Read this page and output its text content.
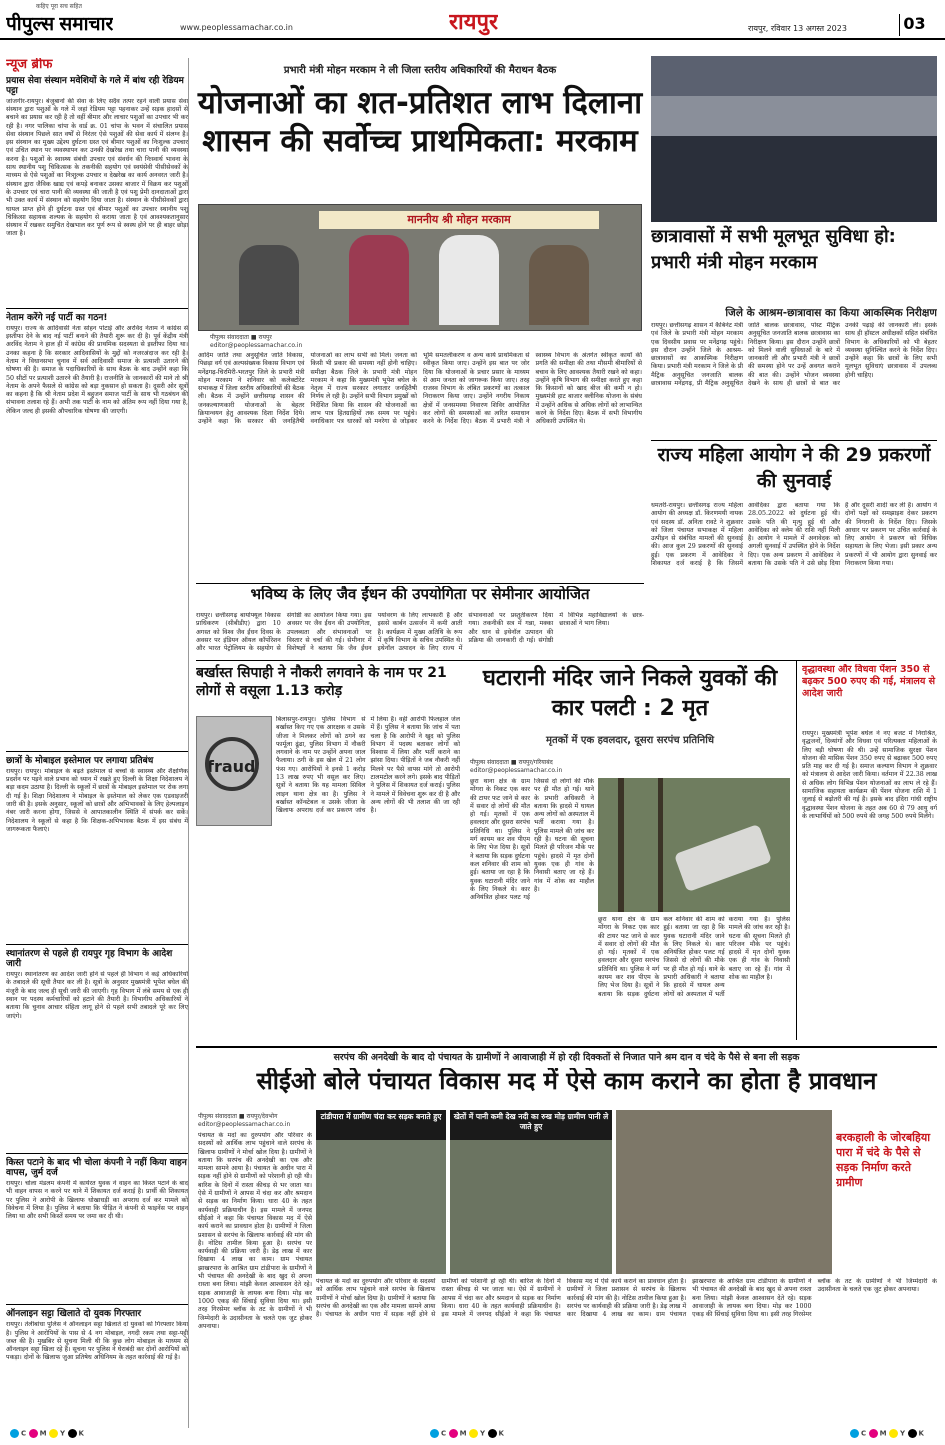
कहिए पूरा सच सहित
पीपुल्स समाचार	www.peoplessamachar.co.in	रायपुर	रायपुर, रविवार 13 अगस्त 2023	03
न्यूज ब्रीफ
प्रयास सेवा संस्थान मवेशियों के गले में बांध रही रेडियम पट्टा
जांजगीर-रायपुर। बेजुबानों की सेवा के लिए सदैव तत्पर रहने वाली प्रयास सेवा संस्थान द्वारा पशुओं के गले में जहां रेडियम पट्टा पहनाकर उन्हें सड़क हादसों से बचाने का प्रयास कर रही है तो वहीं बीमार और लाचार पशुओं का उपचार भी कर रही है। नगर पालिका चांपा के वार्ड क्र. 01 चांपा के भवन में संचालित प्रयास सेवा संस्थान पिछले सात वर्षों से निरंतर ऐसे पशुओं की सेवा कार्य में संलग्न है। इस संस्थान का मुख्य उद्देश्य दुर्घटना ग्रस्त एवं बीमार पशुओं का निःशुल्क उपचार एवं उचित स्थान पर व्यवस्थापन कर उनकी देखरेख तथा चारा पानी की व्यवस्था करना है। पशुओं के स्वास्थ्य संबंधी उपचार एवं संवर्धन की निःस्वार्थ भावना के साथ स्थानीय पशु चिकित्सक के तकनीकी सहयोग एवं स्वयंसेवी पीसीसेवकों के माध्यम से ऐसे पशुओं का निःशुल्क उपचार व देखरेख का कार्य अनवरत जारी है। संस्थान द्वारा जैविक खाद्य एवं कपड़े बनाकर उसका बाजार में विक्रय कर पशुओं के उपचार एवं चारा पानी की व्यवस्था की जाती है एवं पशु प्रेमी दानदाताओं द्वारा भी उक्त कार्य में संस्थान को सहयोग दिया जाता है। संस्थान के पीसीसेवकों द्वारा घायल प्राप्त होने ही दुर्घटना ग्रस्त एवं बीमार पशुओं का उपचार स्थानीय पशु चिकित्सा सहायक शल्यक के सहयोग से कराया जाता है एवं आवश्यकतानुसार संस्थान में रखकर समुचित देखभाल कर पूर्ण रूप से स्वस्थ होने पर ही बाहर छोड़ा जाता है।
नेताम करेंगे नई पार्टी का गठन!
रायपुर। राज्य के आदिवासी नेता सोहन पोटाई और अरविंद नेताम ने कांग्रेस से इस्तीफा देने के बाद नई पार्टी बनाने की तैयारी शुरू कर दी है। पूर्व केंद्रीय मंत्री अरविंद नेताम ने हाल ही में कांग्रेस की प्राथमिक सदस्यता से इस्तीफा दिया था। उनका कहना है कि सरकार आदिवासियों के मुद्दों को नजरअंदाज कर रही है। नेताम ने विधानसभा चुनाव में सर्व आदिवासी समाज के प्रत्याशी उतारने की घोषणा की है। समाज के पदाधिकारियों के साथ बैठक के बाद उन्होंने कहा कि 50 सीटों पर प्रत्याशी उतारने की तैयारी है। राजनीति के जानकारों की माने तो श्री नेताम के अपने फैसले से कांग्रेस को बड़ा नुकसान हो सकता है। दूसरी ओर सूत्रों का कहना है कि श्री नेताम प्रदेश में बहुजन समाज पार्टी के साथ भी गठबंधन की संभावना तलाश रहे हैं। अभी तक पार्टी के नाम को अंतिम रूप नहीं दिया गया है, लेकिन जल्द ही इसकी औपचारिक घोषणा की जाएगी।
छात्रों के मोबाइल इस्तेमाल पर लगाया प्रतिबंध
रायपुर। रायपुर। मोबाइल के बढ़ते इस्तेमाल से बच्चों के स्वास्थ्य और शैक्षणिक प्रदर्शन पर पड़ने वाले प्रभाव को ध्यान में रखते हुए दिल्ली के शिक्षा निदेशालय ने बड़ा कदम उठाया है। दिल्ली के स्कूलों में छात्रों के मोबाइल इस्तेमाल पर रोक लगा दी गई है। शिक्षा निदेशालय ने मोबाइल के इस्तेमाल को लेकर एक एडवाइजरी जारी की है। इसके अनुसार, स्कूलों को छात्रों और अभिभावकों के लिए हेल्पलाइन नंबर जारी करना होगा, जिससे वे आपातकालीन स्थिति में संपर्क कर सकें। निदेशालय ने स्कूलों से कहा है कि शिक्षक-अभिभावक बैठक में इस संबंध में जागरूकता फैलाएं।
स्थानांतरण से पहले ही रायपुर गृह विभाग के आदेश जारी
रायपुर। स्थानांतरण का आदेश जारी होने से पहले ही विभाग ने कई अधिकारियों के तबादले की सूची तैयार कर ली है। सूत्रों के अनुसार मुख्यमंत्री भूपेश बघेल की मंजूरी के बाद जल्द ही सूची जारी की जाएगी। गृह विभाग में लंबे समय से एक ही स्थान पर पदस्थ कर्मचारियों को हटाने की तैयारी है। विभागीय अधिकारियों ने बताया कि चुनाव आचार संहिता लागू होने से पहले सभी तबादले पूरे कर लिए जाएंगे।
किस्त पटाने के बाद भी चोला कंपनी ने नहीं किया वाहन वापस, जुर्म दर्ज
रायपुर। चोला मंडलम कंपनी में कार्यरत युवक ने वाहन का किस्त पटाने के बाद भी वाहन वापस न करने पर थाने में शिकायत दर्ज कराई है। प्रार्थी की शिकायत पर पुलिस ने आरोपी के खिलाफ धोखाधड़ी का अपराध दर्ज कर मामले को विवेचना में लिया है। पुलिस ने बताया कि पीड़ित ने कंपनी से फाइनेंस पर वाहन लिया था और सभी किस्तें समय पर जमा कर दी थी।
ऑनलाइन सट्टा खिलाते दो युवक गिरफ्तार
रायपुर। तेलीबांधा पुलिस ने ऑनलाइन सट्टा खिलाते दो युवकों को गिरफ्तार किया है। पुलिस ने आरोपियों के पास से 4 नग मोबाइल, नगदी रकम तथा सट्टा-पट्टी जब्त की है। मुखबिर से सूचना मिली थी कि कुछ लोग मोबाइल के माध्यम से ऑनलाइन सट्टा खिला रहे हैं। सूचना पर पुलिस ने घेराबंदी कर दोनों आरोपियों को पकड़ा। दोनों के खिलाफ जुआ प्रतिषेध अधिनियम के तहत कार्रवाई की गई है।
प्रभारी मंत्री मोहन मरकाम ने ली जिला स्तरीय अधिकारियों की मैराथन बैठक
योजनाओं का शत-प्रतिशत लाभ दिलाना शासन की सर्वोच्च प्राथमिकता: मरकाम
माननीय श्री मोहन मरकाम
पीपुल्स संवाददाता ■ रायपुर
editor@peoplessamachar.co.in
आदिम जाति तथा अनुसूचित जाति विकास, पिछड़ा वर्ग एवं अल्पसंख्यक विकास विभाग एवं मनेंद्रगढ़-चिरमिरी-भरतपुर जिले के प्रभारी मंत्री मोहन मरकाम ने शनिवार को कलेक्टोरेट सभाकक्ष में जिला स्तरीय अधिकारियों की बैठक ली। बैठक में उन्होंने छत्तीसगढ़ शासन की जनकल्याणकारी योजनाओं के बेहतर क्रियान्वयन हेतु आवश्यक दिशा निर्देश दिये। उन्होंने कहा कि सरकार की जनहितैषी योजनाओं का लाभ सभी को मिले। जनता को किसी भी प्रकार की समस्या नहीं होनी चाहिए। समीक्षा बैठक जिले के प्रभारी मंत्री मोहन मरकाम ने कहा कि मुख्यमंत्री भूपेश बघेल के नेतृत्व में राज्य सरकार लगातार जनहितैषी निर्णय ले रही है। उन्होंने सभी विभाग प्रमुखों को निर्देशित किया कि शासन की योजनाओं का लाभ पात्र हितग्राहियों तक समय पर पहुंचे। वनाधिकार पत्र धारकों को मनरेगा से जोड़कर भूमि समतलीकरण व अन्य कार्य प्राथमिकता से स्वीकृत किया जाए। उन्होंने इस बात पर जोर दिया कि योजनाओं के प्रचार प्रसार के माध्यम से आम जनता को जागरूक किया जाए। तरह राजस्व विभाग के लंबित प्रकरणों का तत्काल निराकरण किया जाए। उन्होंने नगरीय निकाय क्षेत्रों में जनसमस्या निवारण शिविर आयोजित कर लोगों की समस्याओं का त्वरित समाधान करने के निर्देश दिए। बैठक में प्रभारी मंत्री ने स्वास्थ्य विभाग के अंतर्गत स्वीकृत कार्यों की प्रगति की समीक्षा की तथा मौसमी बीमारियों से बचाव के लिए आवश्यक तैयारी रखने को कहा। उन्होंने कृषि विभाग की समीक्षा करते हुए कहा कि किसानों को खाद बीज की कमी न हो। मुख्यमंत्री हाट बाजार क्लीनिक योजना के संबंध में उन्होंने अधिक से अधिक लोगों को लाभान्वित करने के निर्देश दिए। बैठक में सभी विभागीय अधिकारी उपस्थित थे।
छात्रावासों में सभी मूलभूत सुविधा हो: प्रभारी मंत्री मोहन मरकाम
जिले के आश्रम-छात्रावास का किया आकस्मिक निरीक्षण
रायपुर। छत्तीसगढ़ शासन में कैबिनेट मंत्री एवं जिले के प्रभारी मंत्री मोहन मरकाम एक दिवसीय प्रवास पर मनेंद्रगढ़ पहुंचे। इस दौरान उन्होंने जिले के आश्रम-छात्रावासों का आकस्मिक निरीक्षण किया। प्रभारी मंत्री मरकाम ने जिले के प्री मैट्रिक अनुसूचित जनजाति बालक छात्रावास मनेंद्रगढ़, प्री मैट्रिक अनुसूचित जाति बालक छात्रावास, पोस्ट मैट्रिक अनुसूचित जनजाति बालक छात्रावास का निरीक्षण किया। इस दौरान उन्होंने छात्रों को मिलने वाली सुविधाओं के बारे में जानकारी ली और प्रभारी मंत्री ने छात्रों की समस्या होने पर उन्हें अवगत कराने की बात की। उन्होंने भोजन व्यवस्था देखने के साथ ही छात्रों से बात कर उनकी पढ़ाई की जानकारी ली। इसके साथ ही हॉस्टल अधीक्षकों सहित संबंधित विभाग के अधिकारियों को भी बेहतर व्यवस्था सुनिश्चित करने के निर्देश दिए। उन्होंने कहा कि छात्रों के लिए सभी मूलभूत सुविधाएं छात्रावास में उपलब्ध होनी चाहिए।
राज्य महिला आयोग ने की 29 प्रकरणों की सुनवाई
धमतरी-रायपुर। छत्तीसगढ़ राज्य महिला आयोग की अध्यक्ष डॉ. किरणमयी नायक एवं सदस्य डॉ. अनिता रावटे ने शुक्रवार को जिला पंचायत सभाकक्ष में महिला उत्पीड़न से संबंधित मामलों की सुनवाई की। आज कुल 29 प्रकरणों की सुनवाई हुई। एक प्रकरण में आवेदिका ने शिकायत दर्ज कराई है कि जिसमें आवेदिका द्वारा बताया गया कि 28.05.2022 को दुर्घटना हुई थी। उसके पति की मृत्यु हुई थी और आवेदिका को क्लेम की राशि नहीं मिली है। आयोग ने मामले में अनावेदक को अगली सुनवाई में उपस्थित होने के निर्देश दिए। एक अन्य प्रकरण में आवेदिका ने बताया कि उसके पति ने उसे छोड़ दिया है और दूसरी शादी कर ली है। आयोग ने दोनों पक्षों को समझाइश देकर प्रकरण की निगरानी के निर्देश दिए। जिसके आधार पर प्रकरण पर उचित कार्रवाई के लिए आयोग ने प्रकरण को विधिक सहायता के लिए भेजा। इसी प्रकार अन्य प्रकरणों में भी आयोग द्वारा सुनवाई कर निराकरण किया गया।
भविष्य के लिए जैव ईंधन की उपयोगिता पर सेमीनार आयोजित
रायपुर। छत्तीसगढ़ बायोफ्यूल विकास प्राधिकरण (सीबीडीए) द्वारा 10 अगस्त को विश्व जैव ईंधन दिवस के अवसर पर इंडियन ऑयल कॉर्पोरेशन और भारत पेट्रोलियम के सहयोग से संगोष्ठी का आयोजन किया गया। इस अवसर पर जैव ईंधन की उपयोगिता, उपलब्धता और संभावनाओं पर विस्तार से चर्चा की गई। सेमीनार में विशेषज्ञों ने बताया कि जैव ईंधन पर्यावरण के लिए लाभकारी है और इससे कार्बन उत्सर्जन में कमी आती है। कार्यक्रम में मुख्य अतिथि के रूप में कृषि विभाग के सचिव उपस्थित थे। इथेनॉल उत्पादन के लिए राज्य में संभावनाओं पर प्रस्तुतीकरण दिया गया। तकनीकी सत्र में गन्ना, मक्का और धान से इथेनॉल उत्पादन की प्रक्रिया की जानकारी दी गई। संगोष्ठी में विभिन्न महाविद्यालयों के छात्र-छात्राओं ने भाग लिया।
बर्खास्त सिपाही ने नौकरी लगवाने के नाम पर 21 लोगों से वसूला 1.13 करोड़
fraud
बिलासपुर-रायपुर। पुलिस विभाग से बर्खास्त किए गए एक आरक्षक व उसके जीजा ने मिलकर लोगों को ठगने का फार्मूला ढूंढा, पुलिस विभाग में नौकरी लगवाने के नाम पर उन्होंने अपना जाल फैलाया। ठगी के इस खेल में 21 लोग फंस गए। आरोपियों ने इनसे 1 करोड़ 13 लाख रुपए भी वसूल कर लिए। सूत्रों ने बताया कि यह मामला सिविल लाइन थाना क्षेत्र का है। पुलिस ने बर्खास्त कॉन्स्टेबल व उसके जीजा के खिलाफ अपराध दर्ज कर प्रकरण जांच में लिया है। वहीं आरोपी फिलहाल जेल में हैं। पुलिस ने बताया कि जांच में पता चला है कि आरोपी ने खुद को पुलिस विभाग में पदस्थ बताकर लोगों को विश्वास में लिया और भर्ती कराने का झांसा दिया। पीड़ितों ने जब नौकरी नहीं मिलने पर पैसे वापस मांगे तो आरोपी टालमटोल करने लगे। इसके बाद पीड़ितों ने पुलिस में शिकायत दर्ज कराई। पुलिस ने मामले में विवेचना शुरू कर दी है और अन्य लोगों की भी तलाश की जा रही है।
घटारानी मंदिर जाने निकले युवकों की कार पलटी : 2 मृत
मृतकों में एक हवलदार, दूसरा सरपंच प्रतिनिधि
पीपुल्स संवाददाता ■ रायपुर/गरियाबंद
editor@peoplessamachar.co.in
छुरा थाना क्षेत्र के ग्राम मोंगरा के निकट एक कार की टायर फट जाने से कार में सवार दो लोगों की मौत हो गई। मृतकों में एक हवलदार और दूसरा सरपंच प्रतिनिधि था। पुलिस ने मर्ग कायम कर शव पीएम के लिए भेज दिया है। सूत्रों ने बताया कि सड़क दुर्घटना कल शनिवार की शाम को हुई। बताया जा रहा है कि युवक घटारानी मंदिर जाने के लिए निकले थे। कार अनियंत्रित होकर पलट गई जिससे दो लोगों की मौके पर ही मौत हो गई। थाने के प्रभारी अधिकारी ने बताया कि हादसे में घायल अन्य लोगों को अस्पताल में भर्ती कराया गया है। पुलिस मामले की जांच कर रही है। घटना की सूचना मिलते ही परिजन मौके पर पहुंचे। हादसे में मृत दोनों युवक एक ही गांव के निवासी बताए जा रहे हैं। गांव में शोक का माहौल है।
छुरा थाना क्षेत्र के ग्राम मोंगरा के निकट एक कार की टायर फट जाने से कार में सवार दो लोगों की मौत हो गई। मृतकों में एक हवलदार और दूसरा सरपंच प्रतिनिधि था। पुलिस ने मर्ग कायम कर शव पीएम के लिए भेज दिया है। सूत्रों ने बताया कि सड़क दुर्घटना कल शनिवार की शाम को हुई। बताया जा रहा है कि युवक घटारानी मंदिर जाने के लिए निकले थे। कार अनियंत्रित होकर पलट गई जिससे दो लोगों की मौके पर ही मौत हो गई। थाने के प्रभारी अधिकारी ने बताया कि हादसे में घायल अन्य लोगों को अस्पताल में भर्ती कराया गया है। पुलिस मामले की जांच कर रही है। घटना की सूचना मिलते ही परिजन मौके पर पहुंचे। हादसे में मृत दोनों युवक एक ही गांव के निवासी बताए जा रहे हैं। गांव में शोक का माहौल है।
वृद्धावस्था और विधवा पेंशन 350 से बढ़कर 500 रुपए की गई, मंत्रालय से आदेश जारी
रायपुर। मुख्यमंत्री भूपेश बघेल ने नए बजट में निराश्रित, वृद्धजनों, दिव्यांगों और विधवा एवं परित्यक्ता महिलाओं के लिए बड़ी घोषणा की थी। उन्हें सामाजिक सुरक्षा पेंशन योजना की मासिक पेंशन 350 रुपए से बढ़ाकर 500 रुपए प्रति माह कर दी गई है। समाज कल्याण विभाग ने शुक्रवार को मंत्रालय से आदेश जारी किया। वर्तमान में 22.38 लाख से अधिक लोग विभिन्न पेंशन योजनाओं का लाभ ले रहे हैं। सामाजिक सहायता कार्यक्रम की पेंशन योजना राशि में 1 जुलाई से बढ़ोतरी की गई है। इसके बाद इंदिरा गांधी राष्ट्रीय वृद्धावस्था पेंशन योजना के तहत अब 60 से 79 आयु वर्ग के लाभार्थियों को 500 रुपये की जगह 500 रुपये मिलेंगे।
सरपंच की अनदेखी के बाद दो पंचायत के ग्रामीणों ने आवाजाही में हो रही दिक्कतों से निजात पाने श्रम दान व चंदे के पैसे से बना ली सड़क
सीईओ बोले पंचायत विकास मद में ऐसे काम कराने का होता है प्रावधान
पीपुल्स संवाददाता ■ रायपुर/देवभोग
editor@peoplessamachar.co.in
टांडीपारा में ग्रामीण चंदा कर सड़क बनाते हुए	खेतों में पानी कमी देख नदी का रुख मोड़ ग्रामीण पानी ले जाते हुए
बरकहाली के जोरबहिया पारा में चंदे के पैसे से सड़क निर्माण करते ग्रामीण
पंचायत के मदों का दुरुपयोग और परिवार के सदस्यों को आर्थिक लाभ पहुंचाने वाले सरपंच के खिलाफ ग्रामीणों ने मोर्चा खोल दिया है। ग्रामीणों ने बताया कि सरपंच की अनदेखी का एक और मामला सामने आया है। पंचायत के अधीन पारा में सड़क नहीं होने से ग्रामीणों को परेशानी हो रही थी। बारिश के दिनों में रास्ता कीचड़ से भर जाता था। ऐसे में ग्रामीणों ने आपस में चंदा कर और श्रमदान से सड़क का निर्माण किया। धारा 40 के तहत कार्यवाही प्रक्रियाधीन है। इस मामले में जनपद सीईओ ने कहा कि पंचायत विकास मद में ऐसे कार्य कराने का प्रावधान होता है। ग्रामीणों ने जिला प्रशासन से सरपंच के खिलाफ कार्रवाई की मांग की है। नोटिस तामील किया हुआ है। सरपंच पर कार्यवाही की प्रक्रिया जारी है। डेढ़ लाख में कार दिखाया 4 लाख का काम। ग्राम पंचायत झाखरपारा के आश्रित ग्राम टांडीपारा के ग्रामीणों ने भी पंचायत की अनदेखी के बाद खुद से अपना रास्ता बना लिया। मांझी केवल आश्वासन देते रहे। सड़क आवाजाही के लायक बना दिया। मोड़ कर 1000 एकड़ की सिंचाई सुविधा दिया था। इसी तरह गिरसेमर ब्लॉक के तट के ग्रामीणों ने भी जिम्मेदारी के उदासीनता के चलते एक जुट होकर अपनाया।
पंचायत के मदों का दुरुपयोग और परिवार के सदस्यों को आर्थिक लाभ पहुंचाने वाले सरपंच के खिलाफ ग्रामीणों ने मोर्चा खोल दिया है। ग्रामीणों ने बताया कि सरपंच की अनदेखी का एक और मामला सामने आया है। पंचायत के अधीन पारा में सड़क नहीं होने से ग्रामीणों को परेशानी हो रही थी। बारिश के दिनों में रास्ता कीचड़ से भर जाता था। ऐसे में ग्रामीणों ने आपस में चंदा कर और श्रमदान से सड़क का निर्माण किया। धारा 40 के तहत कार्यवाही प्रक्रियाधीन है। इस मामले में जनपद सीईओ ने कहा कि पंचायत विकास मद में ऐसे कार्य कराने का प्रावधान होता है। ग्रामीणों ने जिला प्रशासन से सरपंच के खिलाफ कार्रवाई की मांग की है। नोटिस तामील किया हुआ है। सरपंच पर कार्यवाही की प्रक्रिया जारी है। डेढ़ लाख में कार दिखाया 4 लाख का काम। ग्राम पंचायत झाखरपारा के आश्रित ग्राम टांडीपारा के ग्रामीणों ने भी पंचायत की अनदेखी के बाद खुद से अपना रास्ता बना लिया। मांझी केवल आश्वासन देते रहे। सड़क आवाजाही के लायक बना दिया। मोड़ कर 1000 एकड़ की सिंचाई सुविधा दिया था। इसी तरह गिरसेमर ब्लॉक के तट के ग्रामीणों ने भी जिम्मेदारी के उदासीनता के चलते एक जुट होकर अपनाया।
C M Y K	C M Y K	C M Y K
